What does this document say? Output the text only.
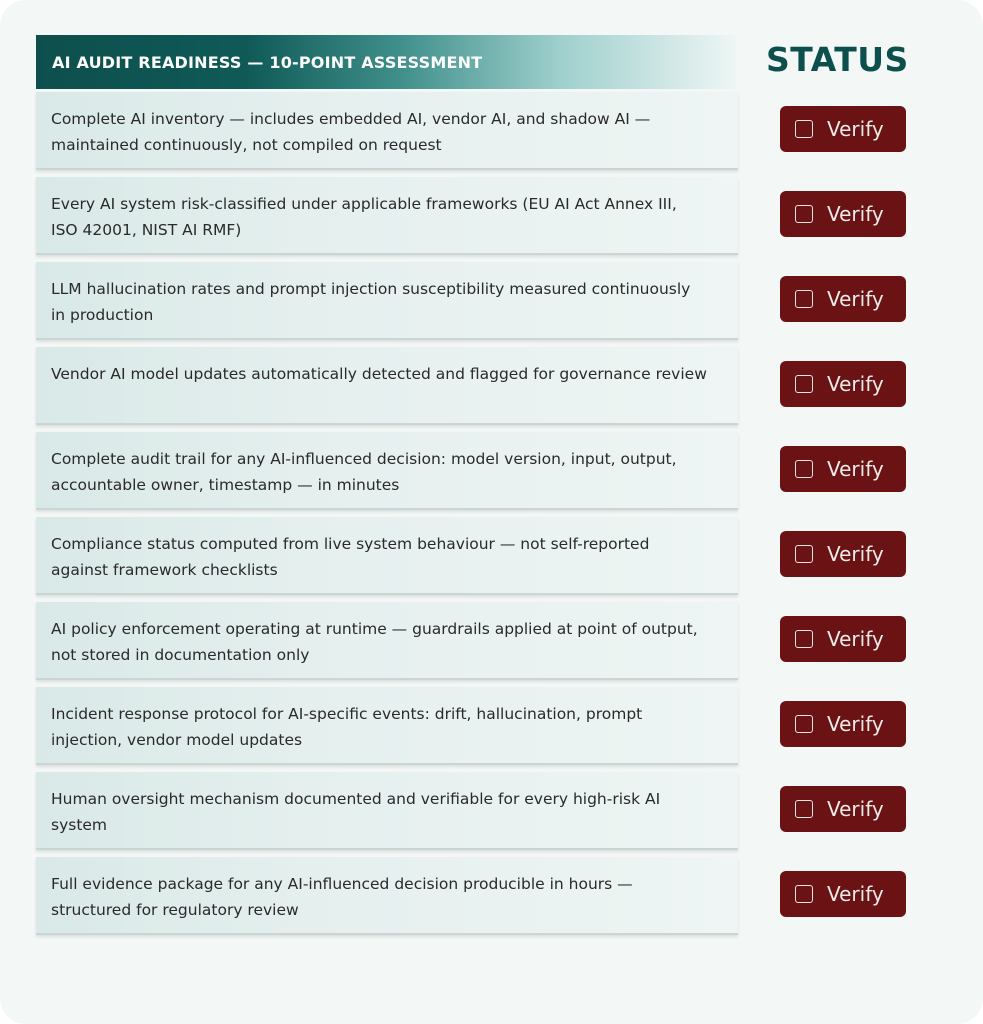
AI AUDIT READINESS — 10-POINT ASSESSMENT	STATUS
Complete AI inventory — includes embedded AI, vendor AI, and shadow AI — maintained continuously, not compiled on request
Verify
Every AI system risk-classified under applicable frameworks (EU AI Act Annex III, ISO 42001, NIST AI RMF)
Verify
LLM hallucination rates and prompt injection susceptibility measured continuously in production
Verify
Vendor AI model updates automatically detected and flagged for governance review	Verify
Complete audit trail for any AI-influenced decision: model version, input, output, accountable owner, timestamp — in minutes
Verify
Compliance status computed from live system behaviour — not self-reported against framework checklists
Verify
AI policy enforcement operating at runtime — guardrails applied at point of output, not stored in documentation only
Verify
Incident response protocol for AI-specific events: drift, hallucination, prompt injection, vendor model updates
Verify
Human oversight mechanism documented and verifiable for every high-risk AI system
Verify
Full evidence package for any AI-influenced decision producible in hours — structured for regulatory review
Verify
